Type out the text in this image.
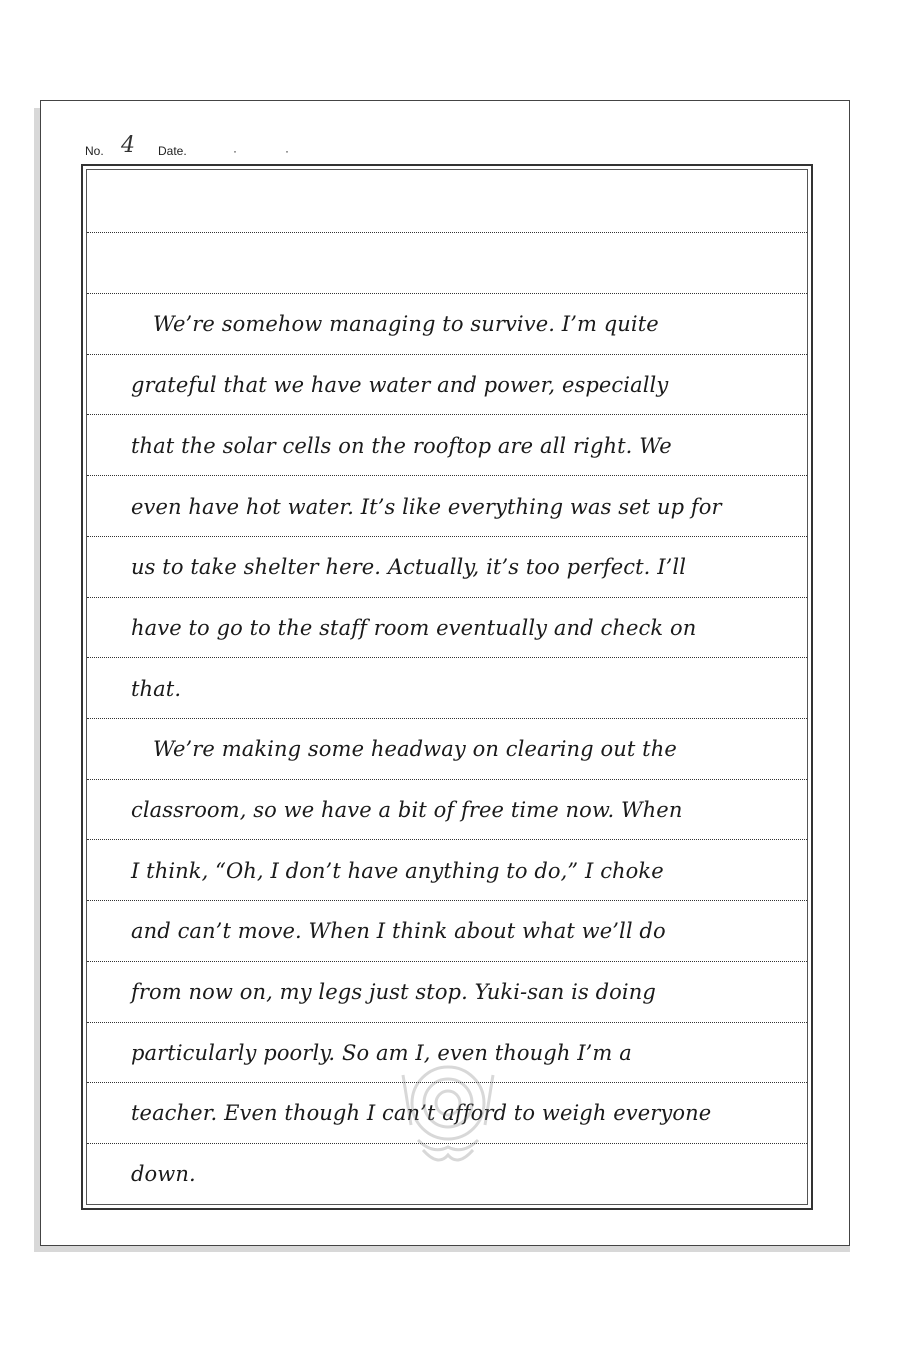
No. 4 Date.	·	·
We’re somehow managing to survive. I’m quite
grateful that we have water and power, especially
that the solar cells on the rooftop are all right. We
even have hot water. It’s like everything was set up for
us to take shelter here. Actually, it’s too perfect. I’ll
have to go to the staff room eventually and check on
that.
We’re making some headway on clearing out the
classroom, so we have a bit of free time now. When
I think, “Oh, I don’t have anything to do,” I choke
and can’t move. When I think about what we’ll do
from now on, my legs just stop. Yuki-san is doing
particularly poorly. So am I, even though I’m a
teacher. Even though I can’t afford to weigh everyone
down.
